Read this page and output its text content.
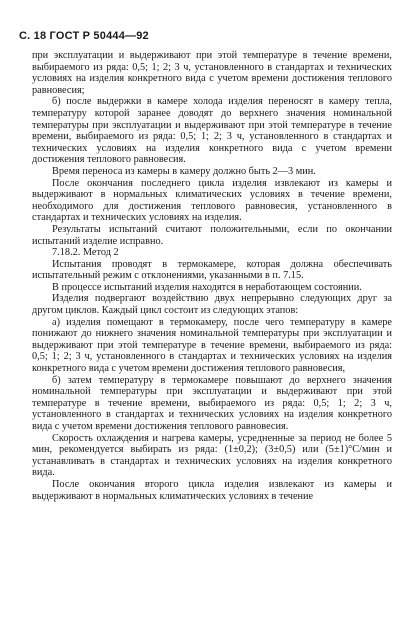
С. 18 ГОСТ Р 50444—92

при эксплуатации и выдерживают при этой температуре в течение времени, выбираемого из ряда: 0,5; 1; 2; 3 ч, установленного в стандартах и технических условиях на изделия конкретного вида с учетом времени достижения теплового равновесия;

б) после выдержки в камере холода изделия переносят в камеру тепла, температуру которой заранее доводят до верхнего значения номинальной температуры при эксплуатации и выдерживают при этой температуре в течение времени, выбираемого из ряда: 0,5; 1; 2; 3 ч, установленного в стандартах и технических условиях на изделия конкретного вида с учетом времени достижения теплового равновесия.

Время переноса из камеры в камеру должно быть 2—3 мин.

После окончания последнего цикла изделия извлекают из камеры и выдерживают в нормальных климатических условиях в течение времени, необходимого для достижения теплового равновесия, установленного в стандартах и технических условиях на изделия.

Результаты испытаний считают положительными, если по окончании испытаний изделие исправно.

7.18.2. Метод 2

Испытания проводят в термокамере, которая должна обеспечивать испытательный режим с отклонениями, указанными в п. 7.15.

В процессе испытаний изделия находятся в неработающем состоянии.

Изделия подвергают воздействию двух непрерывно следующих друг за другом циклов. Каждый цикл состоит из следующих этапов:

а) изделия помещают в термокамеру, после чего температуру в камере понижают до нижнего значения номинальной температуры при эксплуатации и выдерживают при этой температуре в течение времени, выбираемого из ряда: 0,5; 1; 2; 3 ч, установленного в стандартах и технических условиях на изделия конкретного вида с учетом времени достижения теплового равновесия,

б) затем температуру в термокамере повышают до верхнего значения номинальной температуры при эксплуатации и выдерживают при этой температуре в течение времени, выбираемого из ряда: 0,5; 1; 2; 3 ч, установленного в стандартах и технических условиях на изделия конкретного вида с учетом времени достижения теплового равновесия.

Скорость охлаждения и нагрева камеры, усредненные за период не более 5 мин, рекомендуется выбирать из ряда: (1±0,2); (3±0,5) или (5±1)°С/мин и устанавливать в стандартах и технических условиях на изделия конкретного вида.

После окончания второго цикла изделия извлекают из камеры и выдерживают в нормальных климатических условиях в течение
